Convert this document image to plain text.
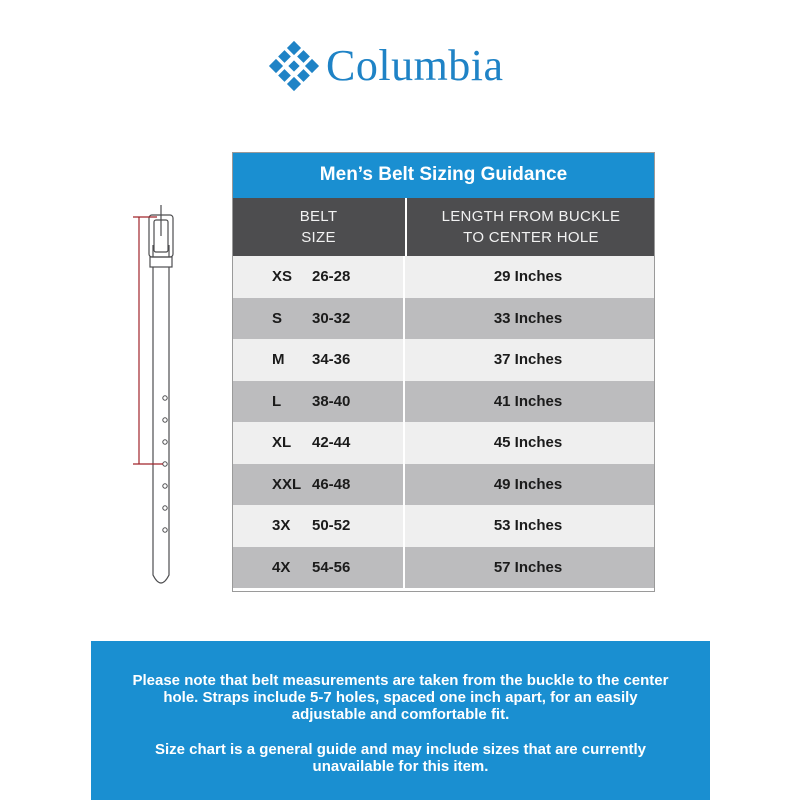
Columbia
Men’s Belt Sizing Guidance
BELT
SIZE
LENGTH FROM BUCKLE
TO CENTER HOLE
XS	26-28	29 Inches
S	30-32	33 Inches
M	34-36	37 Inches
L	38-40	41 Inches
XL	42-44	45 Inches
XXL 46-48	49 Inches
3X	50-52	53 Inches
4X	54-56	57 Inches

Please note that belt measurements are taken from the buckle to the center hole. Straps include 5-7 holes, spaced one inch apart, for an easily adjustable and comfortable fit.

Size chart is a general guide and may include sizes that are currently unavailable for this item.
